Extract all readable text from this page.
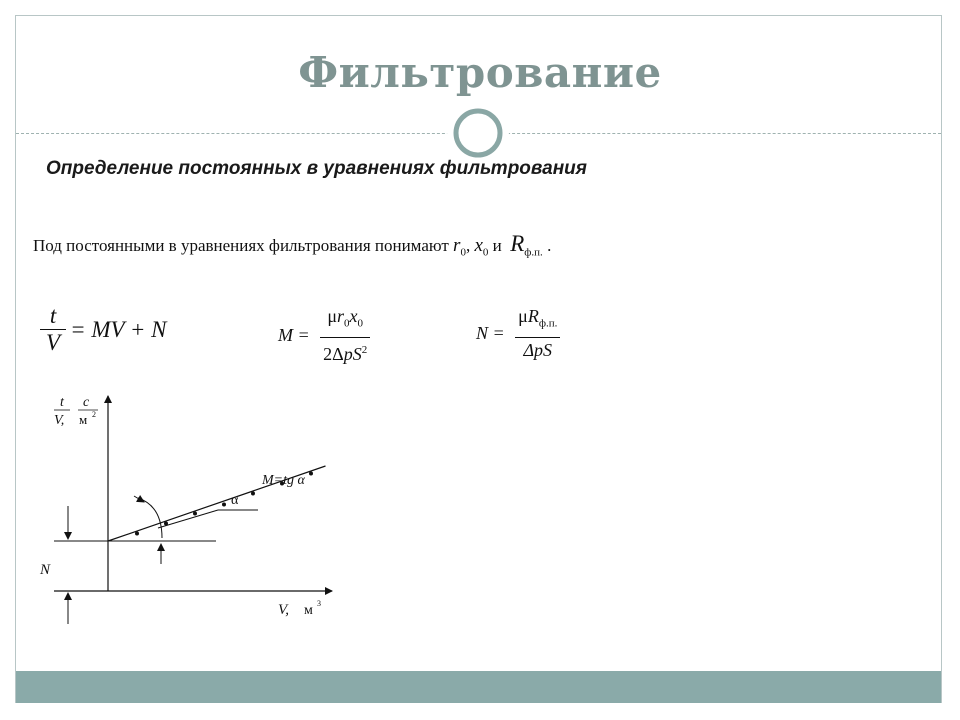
Фильтрование
Определение постоянных в уравнениях фильтрования
Под постоянными в уравнениях фильтрования понимают $r_0$, $x_0$ и $R_{ф.п.}$ .
$\frac{t}{V}$ = MV + N	$M = \frac{\mu r_0x_0}{2\Delta pS^2}$	$N = \frac{\mu R_{ф.п.}}{\text{ΔpS}}$
t
V,
с
м 2
N
M=tg α
α
V, м 3
